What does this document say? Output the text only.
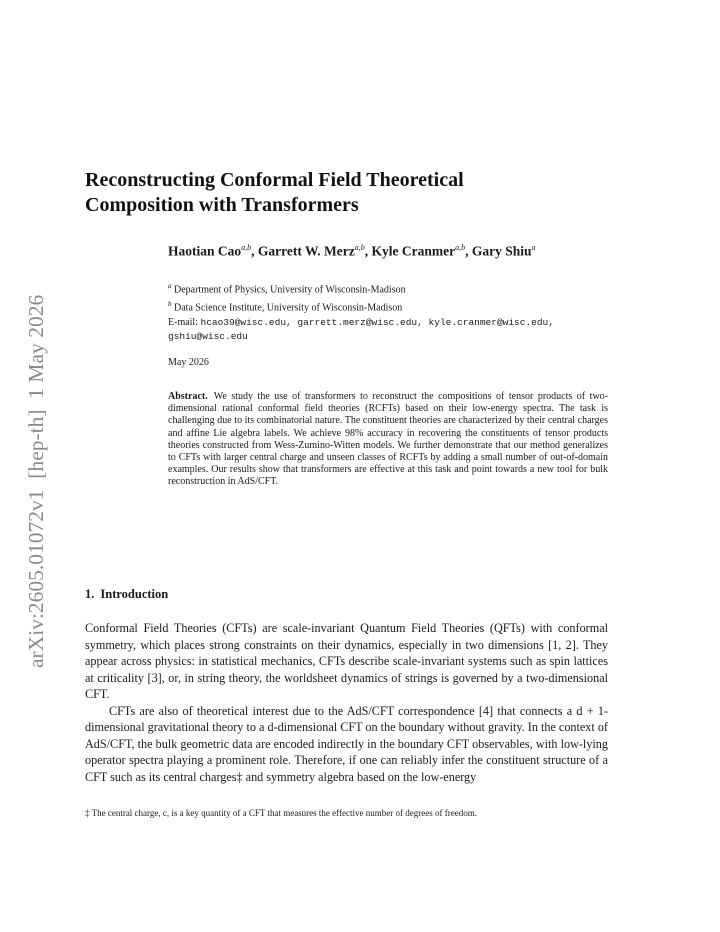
arXiv:2605.01072v1  [hep-th]  1 May 2026
Reconstructing Conformal Field Theoretical
Composition with Transformers
Haotian Cao$^{a,b}$, Garrett W. Merz$^{a,b}$, Kyle Cranmer$^{a,b}$, Gary Shiu$^a$
$^a$ Department of Physics, University of Wisconsin-Madison
$^b$ Data Science Institute, University of Wisconsin-Madison
E-mail: hcao39@wisc.edu, garrett.merz@wisc.edu, kyle.cranmer@wisc.edu, gshiu@wisc.edu
May 2026
Abstract. We study the use of transformers to reconstruct the compositions of tensor products of two-dimensional rational conformal field theories (RCFTs) based on their low-energy spectra. The task is challenging due to its combinatorial nature. The constituent theories are characterized by their central charges and affine Lie algebra labels. We achieve 98% accuracy in recovering the constituents of tensor products theories constructed from Wess-Zumino-Witten models. We further demonstrate that our method generalizes to CFTs with larger central charge and unseen classes of RCFTs by adding a small number of out-of-domain examples. Our results show that transformers are effective at this task and point towards a new tool for bulk reconstruction in AdS/CFT.
1. Introduction

Conformal Field Theories (CFTs) are scale-invariant Quantum Field Theories (QFTs) with conformal symmetry, which places strong constraints on their dynamics, especially in two dimensions [1, 2]. They appear across physics: in statistical mechanics, CFTs describe scale-invariant systems such as spin lattices at criticality [3], or, in string theory, the worldsheet dynamics of strings is governed by a two-dimensional CFT.

CFTs are also of theoretical interest due to the AdS/CFT correspondence [4] that connects a d + 1-dimensional gravitational theory to a d-dimensional CFT on the boundary without gravity. In the context of AdS/CFT, the bulk geometric data are encoded indirectly in the boundary CFT observables, with low-lying operator spectra playing a prominent role. Therefore, if one can reliably infer the constituent structure of a CFT such as its central charges‡ and symmetry algebra based on the low-energy

‡ The central charge, c, is a key quantity of a CFT that measures the effective number of degrees of freedom.
